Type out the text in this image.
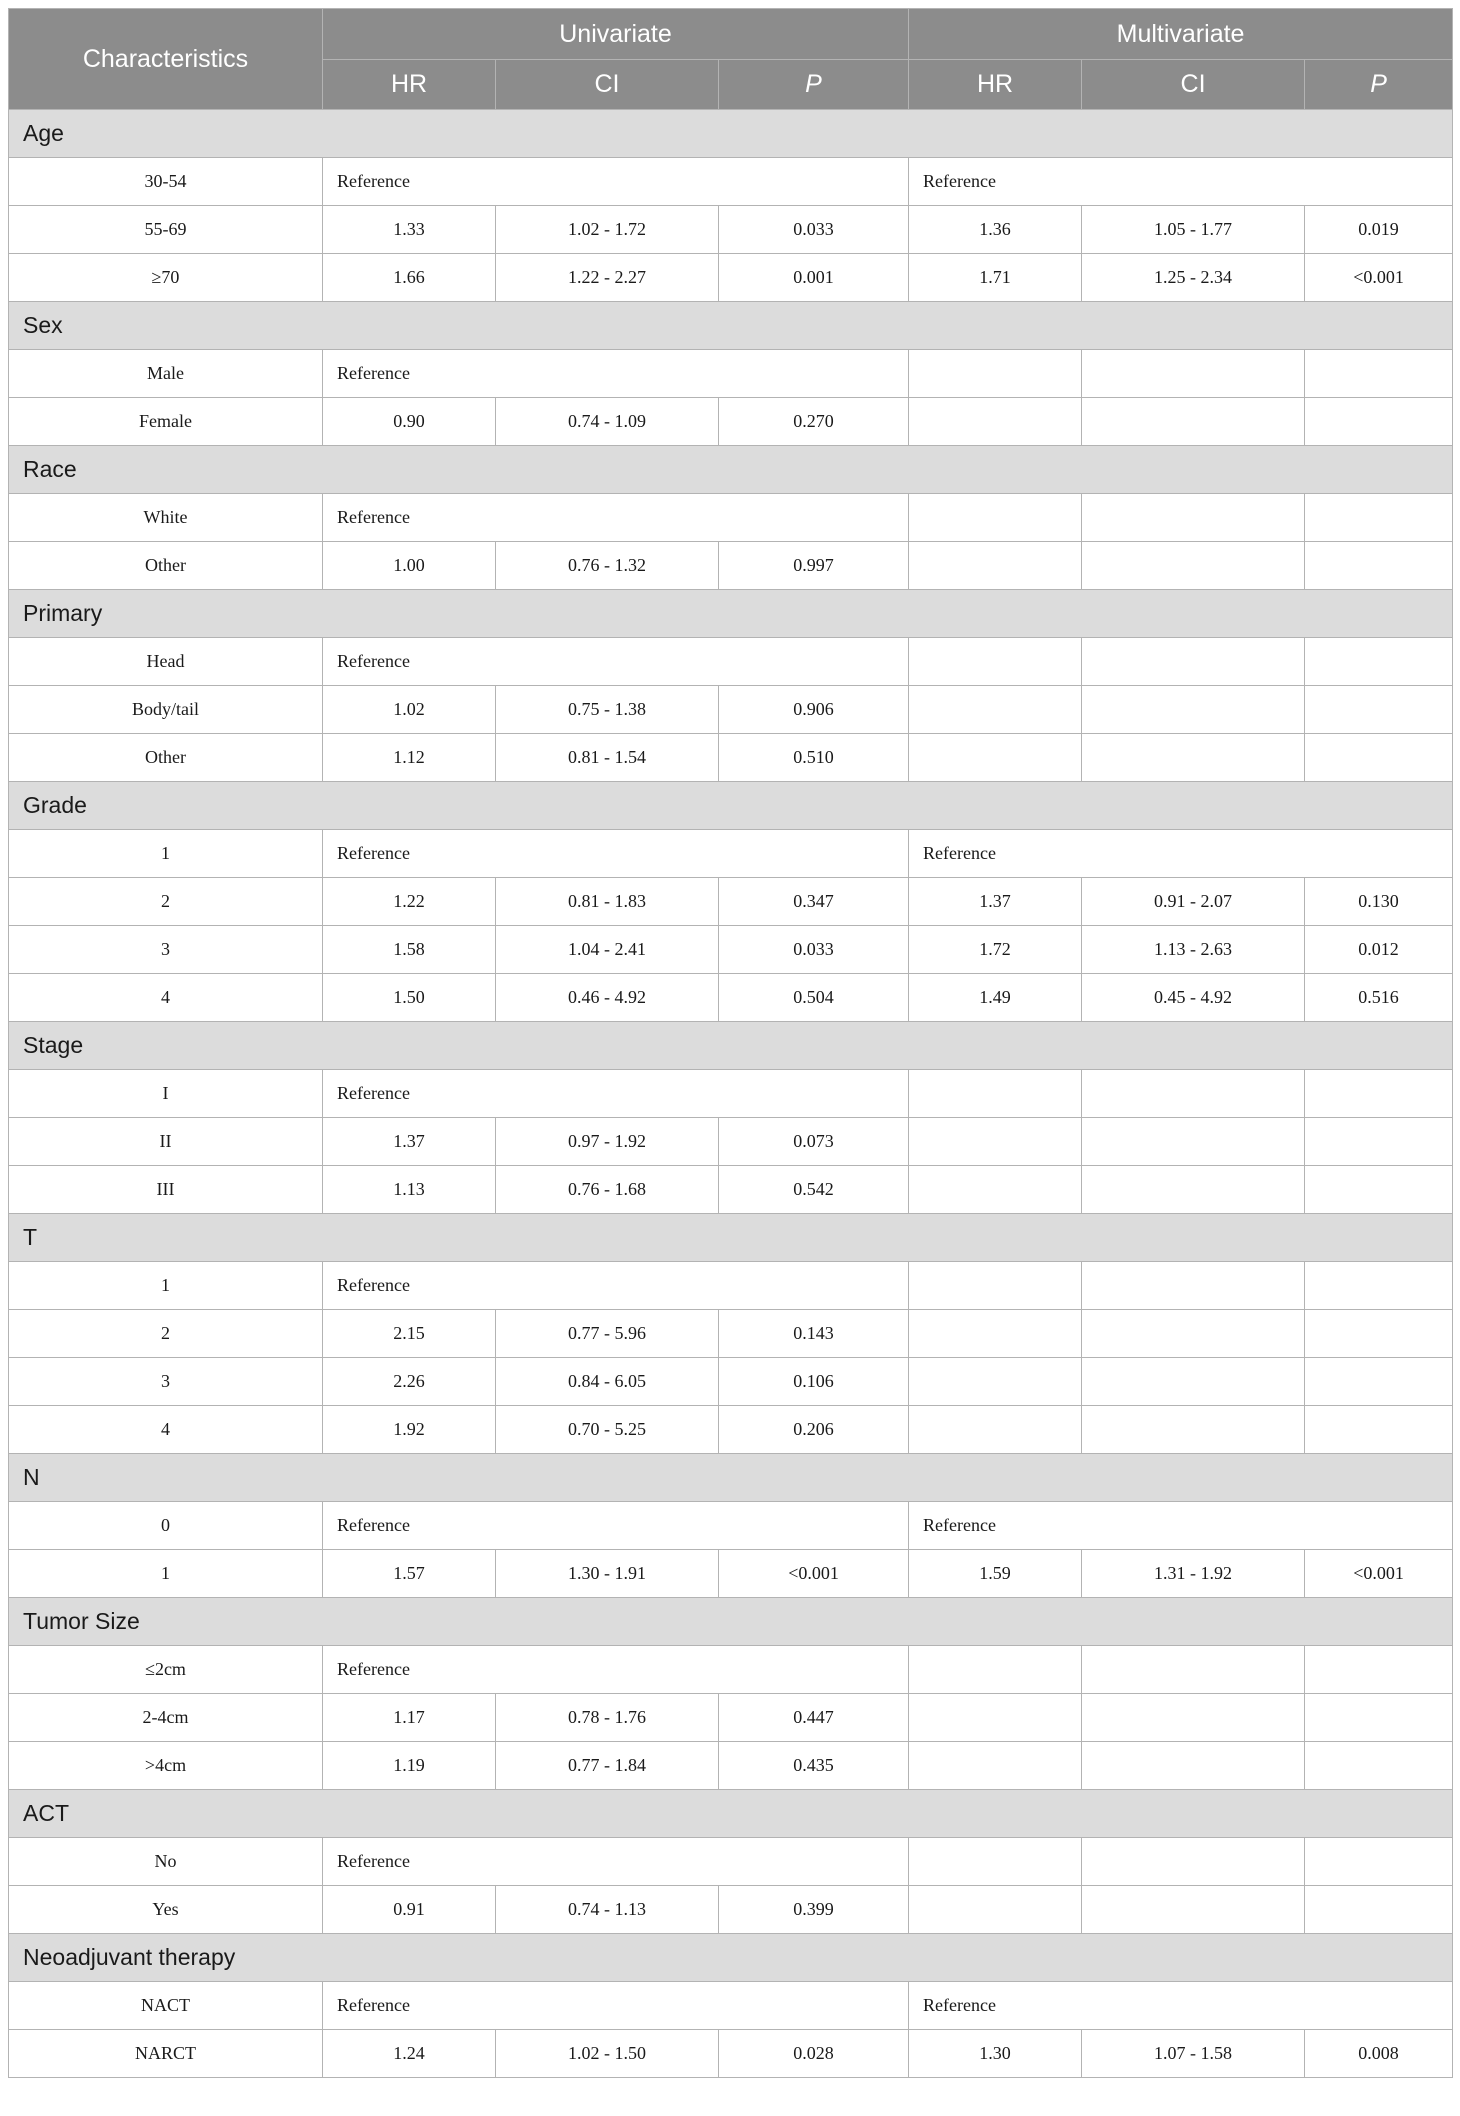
Characteristics	Univariate			Multivariate		
	HR	CI	P	HR	CI	P
Age						
30-54	Reference			Reference		
55-69	1.33	1.02 - 1.72	0.033	1.36	1.05 - 1.77	0.019
≥70	1.66	1.22 - 2.27	0.001	1.71	1.25 - 2.34	<0.001
Sex						
Male	Reference					
Female	0.90	0.74 - 1.09	0.270			
Race						
White	Reference					
Other	1.00	0.76 - 1.32	0.997			
Primary						
Head	Reference					
Body/tail	1.02	0.75 - 1.38	0.906			
Other	1.12	0.81 - 1.54	0.510			
Grade						
1	Reference			Reference		
2	1.22	0.81 - 1.83	0.347	1.37	0.91 - 2.07	0.130
3	1.58	1.04 - 2.41	0.033	1.72	1.13 - 2.63	0.012
4	1.50	0.46 - 4.92	0.504	1.49	0.45 - 4.92	0.516
Stage						
I	Reference					
II	1.37	0.97 - 1.92	0.073			
III	1.13	0.76 - 1.68	0.542			
T						
1	Reference					
2	2.15	0.77 - 5.96	0.143			
3	2.26	0.84 - 6.05	0.106			
4	1.92	0.70 - 5.25	0.206			
N						
0	Reference			Reference		
1	1.57	1.30 - 1.91	<0.001	1.59	1.31 - 1.92	<0.001
Tumor Size						
≤2cm	Reference					
2-4cm	1.17	0.78 - 1.76	0.447			
>4cm	1.19	0.77 - 1.84	0.435			
ACT						
No	Reference					
Yes	0.91	0.74 - 1.13	0.399			
Neoadjuvant therapy						
NACT	Reference			Reference		
NARCT	1.24	1.02 - 1.50	0.028	1.30	1.07 - 1.58	0.008
